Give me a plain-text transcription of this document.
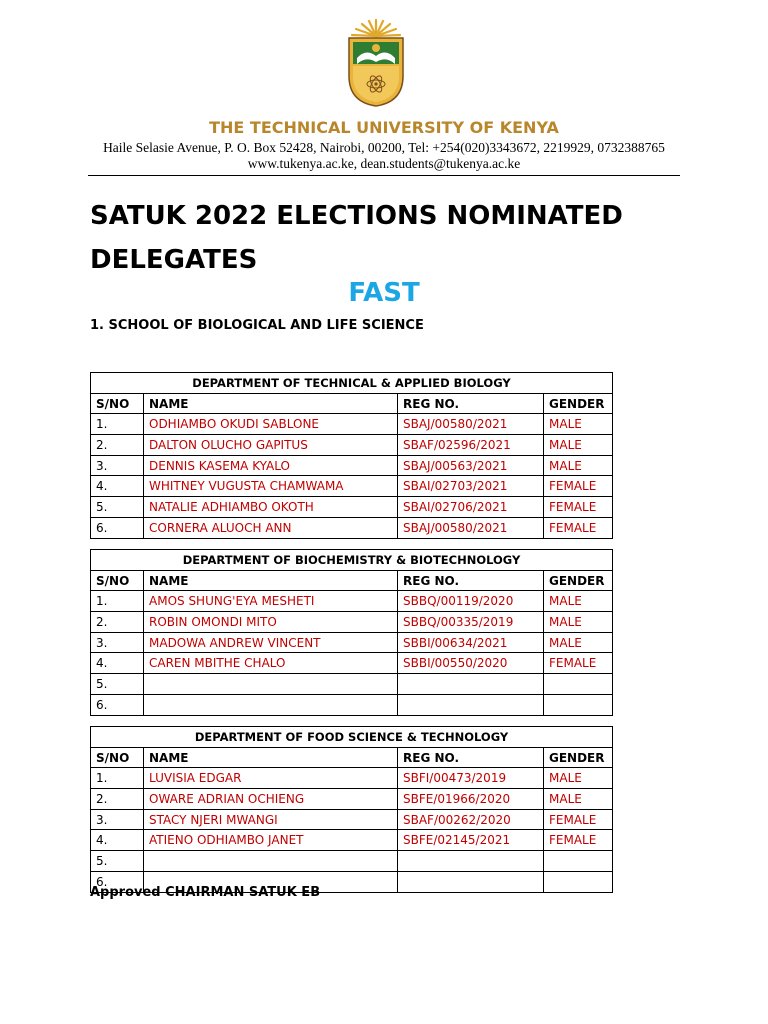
THE TECHNICAL UNIVERSITY OF KENYA
Haile Selasie Avenue, P. O. Box 52428, Nairobi, 00200, Tel: +254(020)3343672, 2219929, 0732388765
www.tukenya.ac.ke, dean.students@tukenya.ac.ke
SATUK 2022 ELECTIONS NOMINATED
DELEGATES
FAST
1. SCHOOL OF BIOLOGICAL AND LIFE SCIENCE
DEPARTMENT OF TECHNICAL & APPLIED BIOLOGY			
S/NO	NAME	REG NO.	GENDER
1.	ODHIAMBO OKUDI SABLONE	SBAJ/00580/2021	MALE
2.	DALTON OLUCHO GAPITUS	SBAF/02596/2021	MALE
3.	DENNIS KASEMA KYALO	SBAJ/00563/2021	MALE
4.	WHITNEY VUGUSTA CHAMWAMA	SBAI/02703/2021	FEMALE
5.	NATALIE ADHIAMBO OKOTH	SBAI/02706/2021	FEMALE
6.	CORNERA ALUOCH ANN	SBAJ/00580/2021	FEMALE
DEPARTMENT OF BIOCHEMISTRY & BIOTECHNOLOGY			
S/NO	NAME	REG NO.	GENDER
1.	AMOS SHUNG'EYA MESHETI	SBBQ/00119/2020	MALE
2.	ROBIN OMONDI MITO	SBBQ/00335/2019	MALE
3.	MADOWA ANDREW VINCENT	SBBI/00634/2021	MALE
4.	CAREN MBITHE CHALO	SBBI/00550/2020	FEMALE
5.			
6.			
DEPARTMENT OF FOOD SCIENCE & TECHNOLOGY			
S/NO	NAME	REG NO.	GENDER
1.	LUVISIA EDGAR	SBFI/00473/2019	MALE
2.	OWARE ADRIAN OCHIENG	SBFE/01966/2020	MALE
3.	STACY NJERI MWANGI	SBAF/00262/2020	FEMALE
4.	ATIENO ODHIAMBO JANET	SBFE/02145/2021	FEMALE
5.			
6.			
Approved CHAIRMAN SATUK EB
